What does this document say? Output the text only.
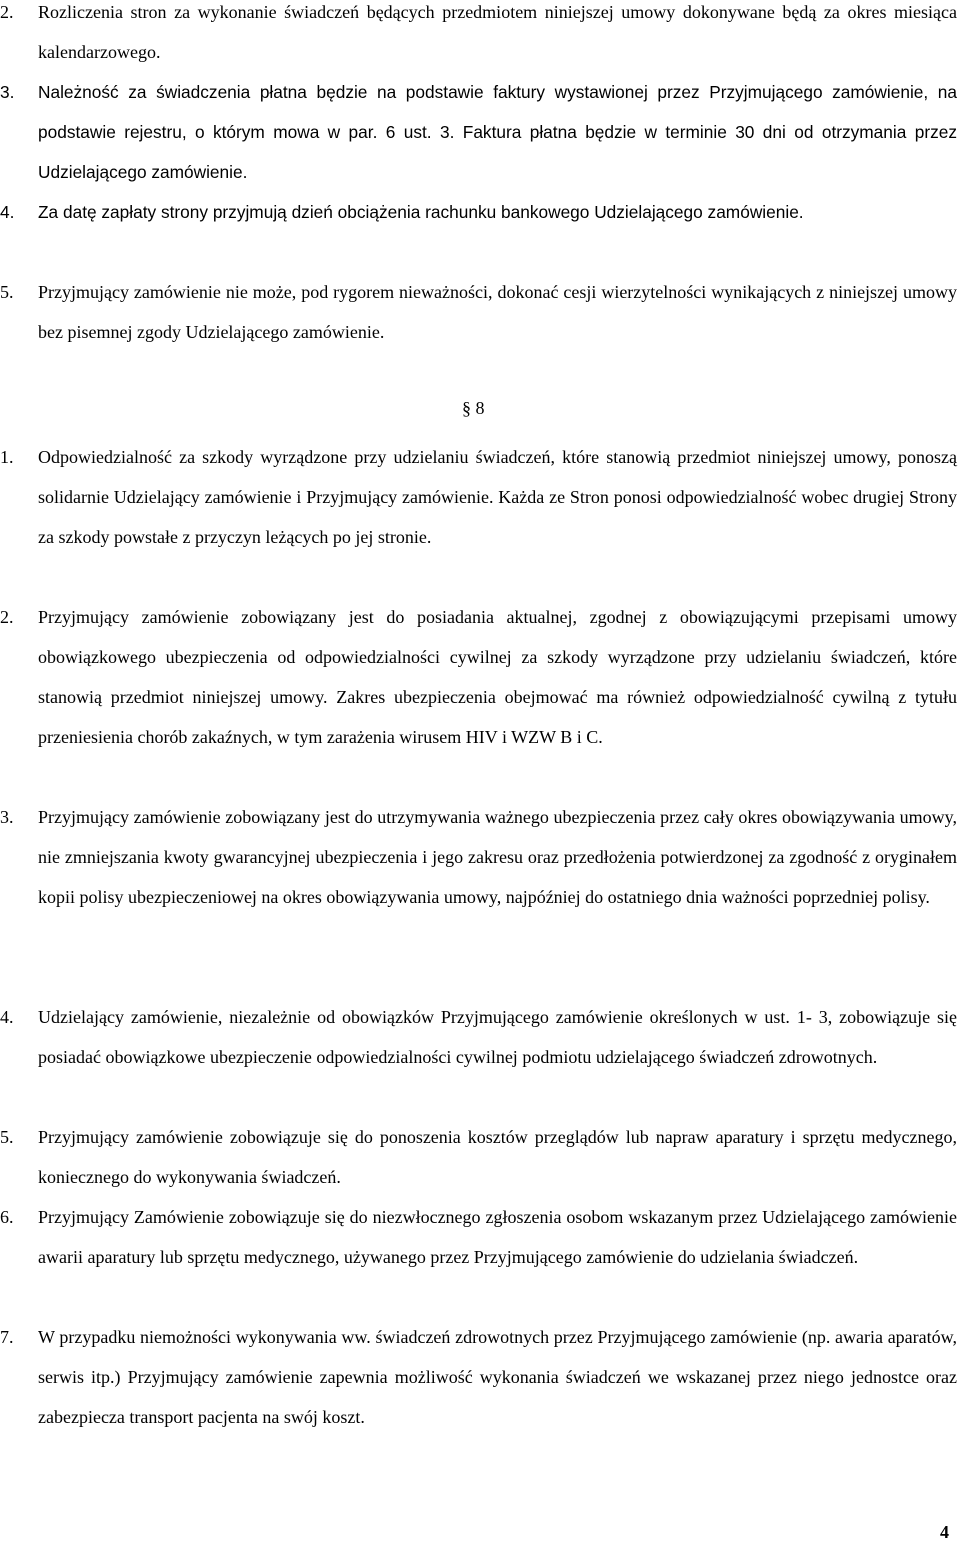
2.	Rozliczenia stron za wykonanie świadczeń będących przedmiotem niniejszej umowy dokonywane będą za okres miesiąca kalendarzowego.
3.	Należność za świadczenia płatna będzie na podstawie faktury wystawionej przez Przyjmującego zamówienie, na podstawie rejestru, o którym mowa w par. 6 ust. 3. Faktura płatna będzie w terminie 30 dni od otrzymania przez Udzielającego zamówienie.
4.	Za datę zapłaty strony przyjmują dzień obciążenia rachunku bankowego Udzielającego zamówienie.
5.	Przyjmujący zamówienie nie może, pod rygorem nieważności, dokonać cesji wierzytelności wynikających z niniejszej umowy bez pisemnej zgody Udzielającego zamówienie.
§ 8
1.	Odpowiedzialność za szkody wyrządzone przy udzielaniu świadczeń, które stanowią przedmiot niniejszej umowy, ponoszą solidarnie Udzielający zamówienie i Przyjmujący zamówienie. Każda ze Stron ponosi odpowiedzialność wobec drugiej Strony za szkody powstałe z przyczyn leżących po jej stronie.
2.	Przyjmujący zamówienie zobowiązany jest do posiadania aktualnej, zgodnej z obowiązującymi przepisami umowy obowiązkowego ubezpieczenia od odpowiedzialności cywilnej za szkody wyrządzone przy udzielaniu świadczeń, które stanowią przedmiot niniejszej umowy. Zakres ubezpieczenia obejmować ma również odpowiedzialność cywilną z tytułu przeniesienia chorób zakaźnych, w tym zarażenia wirusem HIV i WZW B i C.
3.	Przyjmujący zamówienie zobowiązany jest do utrzymywania ważnego ubezpieczenia przez cały okres obowiązywania umowy, nie zmniejszania kwoty gwarancyjnej ubezpieczenia i jego zakresu oraz przedłożenia potwierdzonej za zgodność z oryginałem kopii polisy ubezpieczeniowej na okres obowiązywania umowy, najpóźniej do ostatniego dnia ważności poprzedniej polisy.
4.	Udzielający zamówienie, niezależnie od obowiązków Przyjmującego zamówienie określonych w ust. 1- 3, zobowiązuje się posiadać obowiązkowe ubezpieczenie odpowiedzialności cywilnej podmiotu udzielającego świadczeń zdrowotnych.
5.	Przyjmujący zamówienie zobowiązuje się do ponoszenia kosztów przeglądów lub napraw aparatury i sprzętu medycznego, koniecznego do wykonywania świadczeń.
6.	Przyjmujący Zamówienie zobowiązuje się do niezwłocznego zgłoszenia osobom wskazanym przez Udzielającego zamówienie awarii aparatury lub sprzętu medycznego, używanego przez Przyjmującego zamówienie do udzielania świadczeń.
7.	W przypadku niemożności wykonywania ww. świadczeń zdrowotnych przez Przyjmującego zamówienie (np. awaria aparatów, serwis itp.) Przyjmujący zamówienie zapewnia możliwość wykonania świadczeń we wskazanej przez niego jednostce oraz zabezpiecza transport pacjenta na swój koszt.
4
